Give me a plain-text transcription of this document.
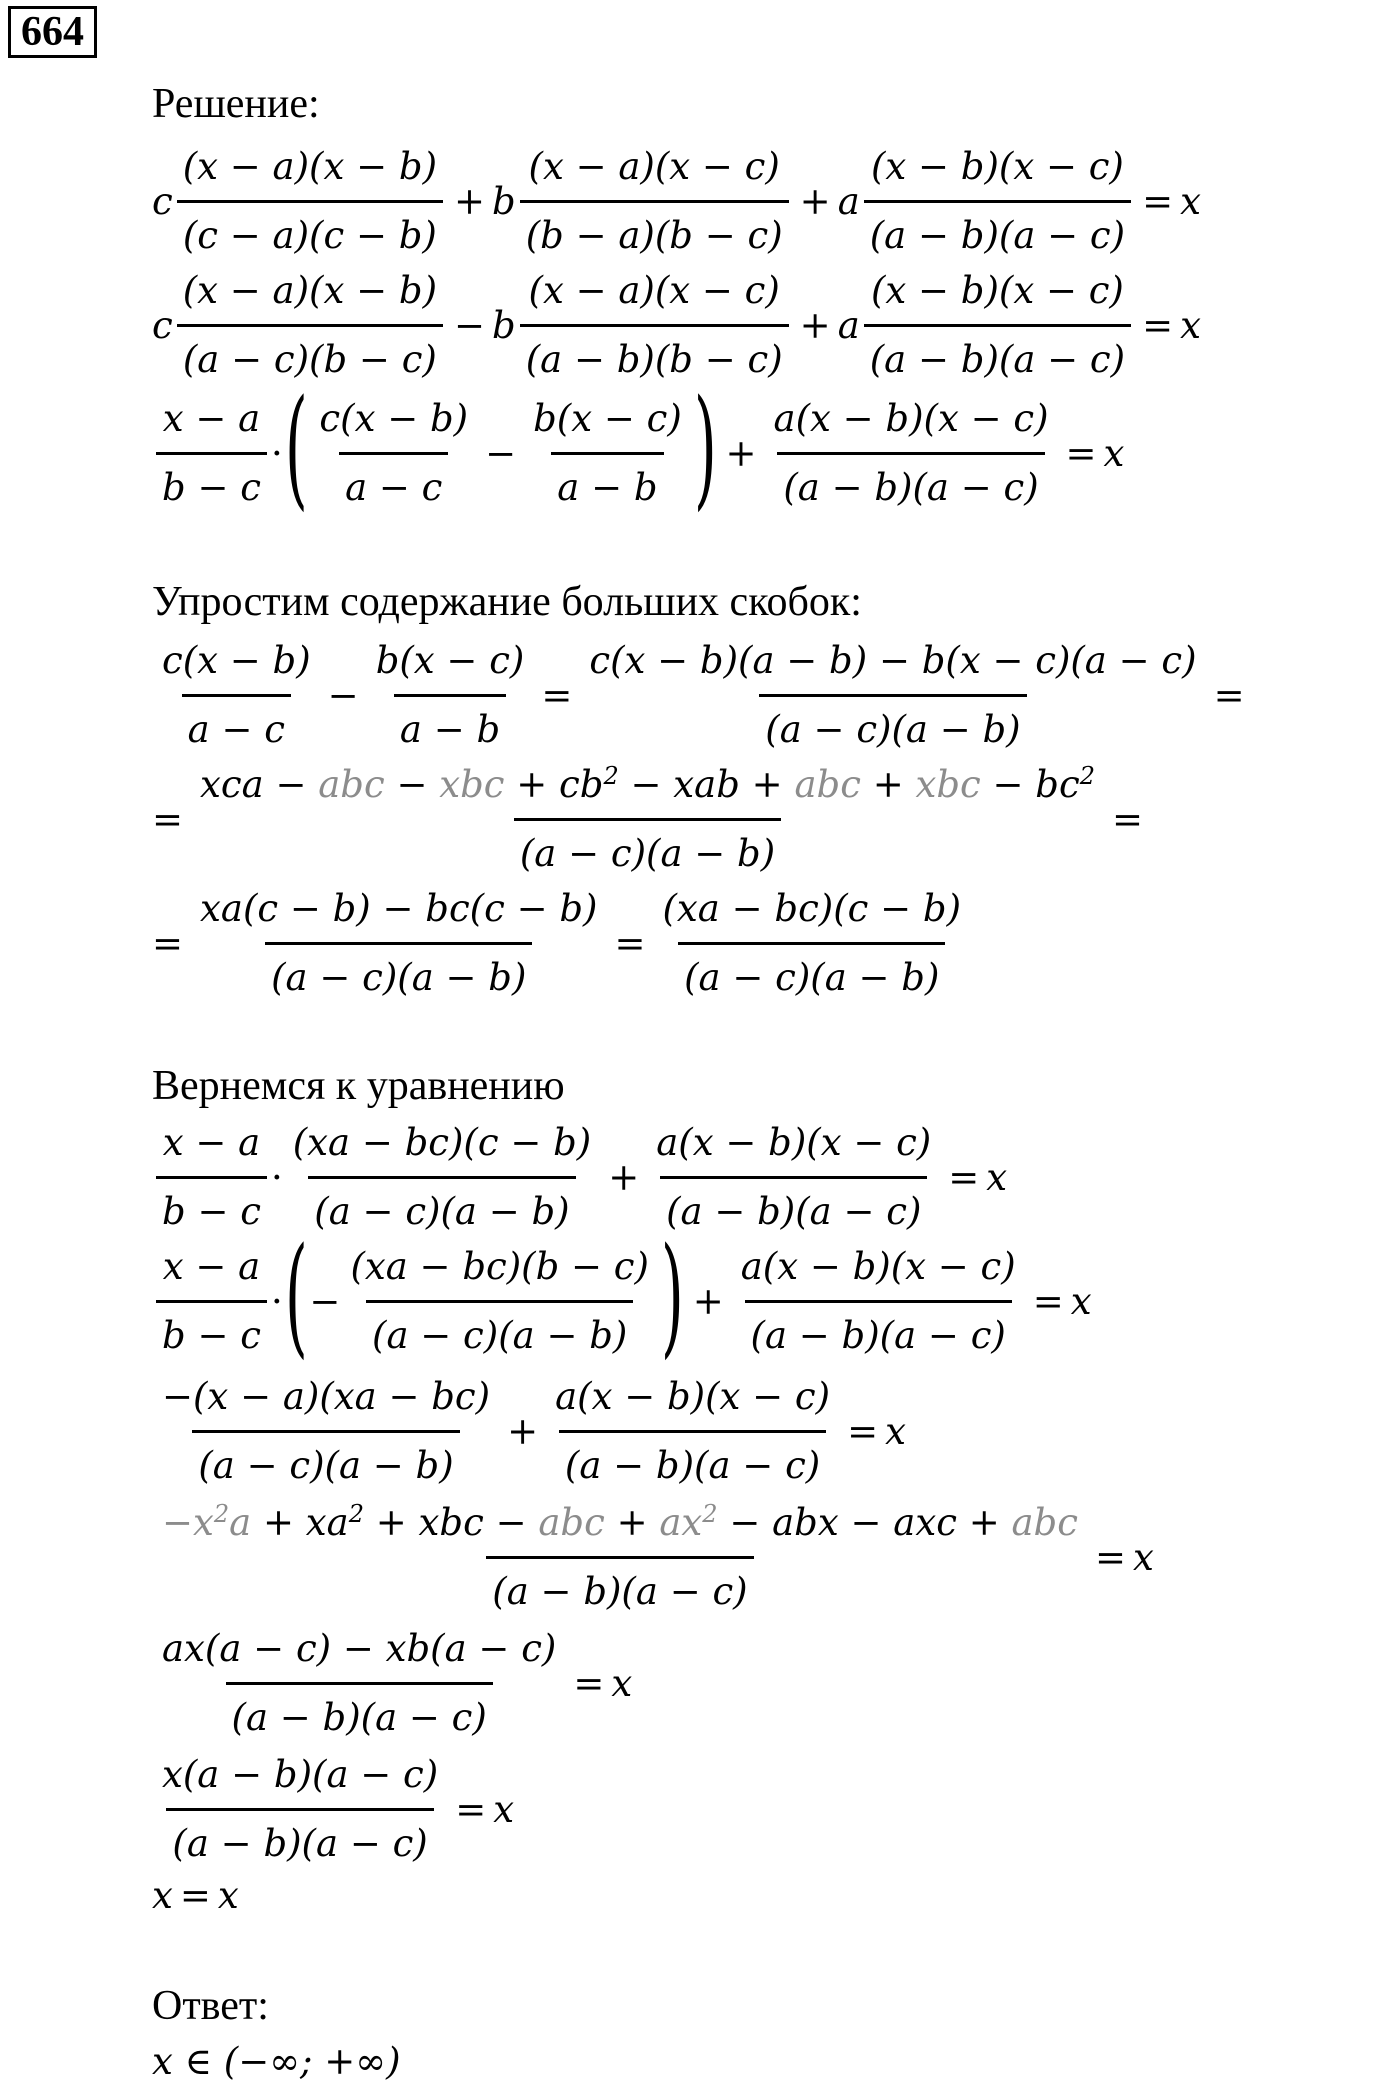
664
Решение:
c $\frac{(x - a)(x - b)}{(c - a)(c - b)} + b \frac{(x - a)(x - c)}{(b - a)(b - c)} + a \frac{(x - b)(x - c)}{(a - b)(a - c)} = x$
c $\frac{(x - a)(x - b)}{(a - c)(b - c)} - b \frac{(x - a)(x - c)}{(a - b)(b - c)} + a \frac{(x - b)(x - c)}{(a - b)(a - c)} = x$
$\frac{x - a}{b - c}$ · ( $\frac{c(x - b)}{a - c} - \frac{b(x - c)}{a - b}$ ) + $\frac{a(x - b)(x - c)}{(a - b)(a - c)} = x$
Упростим содержание больших скобок:
$\frac{c(x - b)}{a - c} - \frac{b(x - c)}{a - b} = \frac{c(x - b)(a - b) - b(x - c)(a - c)}{(a - c)(a - b)}$ =
= $\frac{xca - abc - xbc + cb^2 - xab + abc + xbc - bc^2}{(a - c)(a - b)}$ =
= $\frac{xa(c - b) - bc(c - b)}{(a - c)(a - b)} = \frac{(xa - bc)(c - b)}{(a - c)(a - b)}$
Вернемся к уравнению
$\frac{x - a}{b - c} \cdot \frac{(xa - bc)(c - b)}{(a - c)(a - b)} + \frac{a(x - b)(x - c)}{(a - b)(a - c)} = x$
$\frac{x - a}{b - c}$ · ( − $\frac{(xa - bc)(b - c)}{(a - c)(a - b)}$ ) + $\frac{a(x - b)(x - c)}{(a - b)(a - c)} = x$
$\frac{-(x - a)(xa - bc)}{(a - c)(a - b)} + \frac{a(x - b)(x - c)}{(a - b)(a - c)} = x$
$\frac{-x^2a + xa^2 + xbc - abc + ax^2 - abx - axc + abc}{(a - b)(a - c)} = x$
$\frac{ax(a - c) - xb(a - c)}{(a - b)(a - c)} = x$
$\frac{x(a - b)(a - c)}{(a - b)(a - c)} = x$
x = x
Ответ:
x ∈ (−∞; +∞)
